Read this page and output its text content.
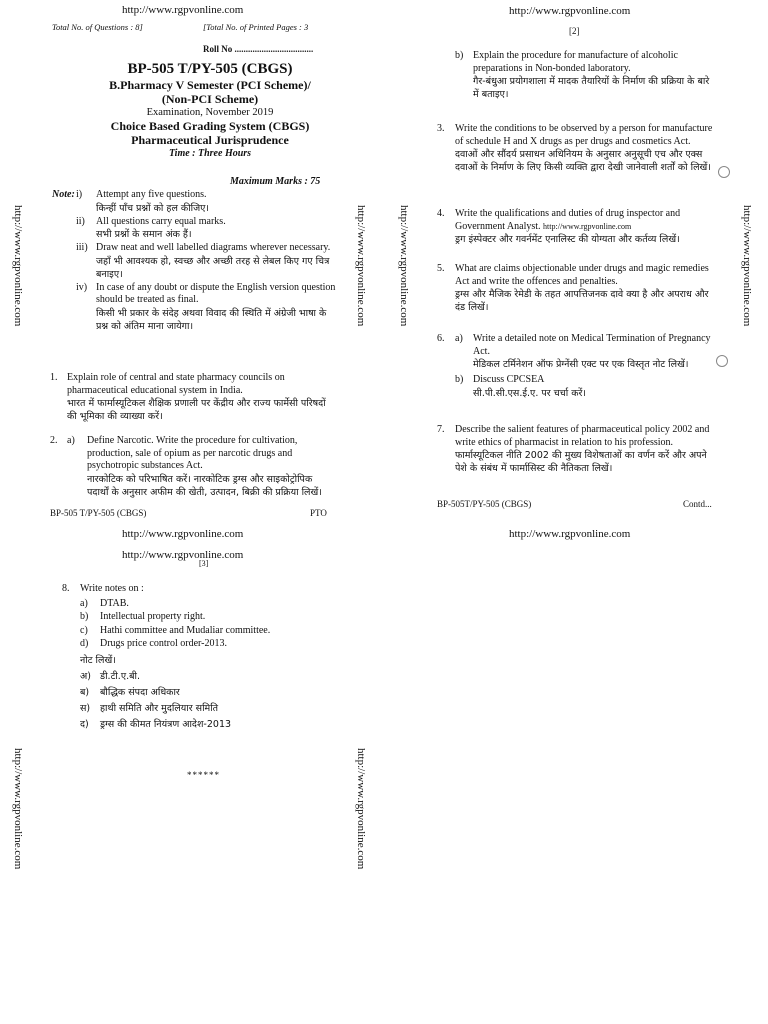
http://www.rgpvonline.com
Total No. of Questions : 8]	[Total No. of Printed Pages : 3
Roll No ...................................
BP-505 T/PY-505 (CBGS)
B.Pharmacy V Semester (PCI Scheme)/
(Non-PCI Scheme)
Examination, November 2019
Choice Based Grading System (CBGS)
Pharmaceutical Jurisprudence
Time : Three Hours
Maximum Marks : 75
Note: i)	Attempt any five questions.
किन्हीं पाँच प्रश्नों को हल कीजिए।
ii)	All questions carry equal marks.
सभी प्रश्नों के समान अंक हैं।
iii) Draw neat and well labelled diagrams wherever necessary.
जहाँ भी आवश्यक हो, स्वच्छ और अच्छी तरह से लेबल किए गए चित्र बनाइए।
iv) In case of any doubt or dispute the English version question should be treated as final.
किसी भी प्रकार के संदेह अथवा विवाद की स्थिति में अंग्रेजी भाषा के प्रश्न को अंतिम माना जायेगा।
1. Explain role of central and state pharmacy councils on pharmaceutical educational system in India.
भारत में फार्मास्यूटिकल शैक्षिक प्रणाली पर केंद्रीय और राज्य फार्मेसी परिषदों की भूमिका की व्याख्या करें।
2. a)	Define Narcotic. Write the procedure for cultivation, production, sale of opium as per narcotic drugs and psychotropic substances Act.
नारकोटिक को परिभाषित करें। नारकोटिक ड्रग्स और साइकोट्रोपिक पदार्थों के अनुसार अफीम की खेती, उत्पादन, बिक्री की प्रक्रिया लिखें।
BP-505 T/PY-505 (CBGS)	PTO
http://www.rgpvonline.com
[2]
b) Explain the procedure for manufacture of alcoholic preparations in Non-bonded laboratory.
गैर-बंधुआ प्रयोगशाला में मादक तैयारियों के निर्माण की प्रक्रिया के बारे में बताइए।
3.	Write the conditions to be observed by a person for manufacture of schedule H and X drugs as per drugs and cosmetics Act.
दवाओं और सौंदर्य प्रसाधन अधिनियम के अनुसार अनुसूची एच और एक्स दवाओं के निर्माण के लिए किसी व्यक्ति द्वारा देखी जानेवाली शर्तों को लिखें।
4.	Write the qualifications and duties of drug inspector and Government Analyst. http://www.rgpvonline.com
ड्रग इंस्पेक्टर और गवर्नमेंट एनालिस्ट की योग्यता और कर्तव्य लिखें।
5.	What are claims objectionable under drugs and magic remedies Act and write the offences and penalties.
ड्रग्स और मैजिक रेमेडी के तहत आपत्तिजनक दावे क्या है और अपराध और दंड लिखें।
6.	a)	Write a detailed note on Medical Termination of Pregnancy Act.
मेडिकल टर्मिनेशन ऑफ प्रेग्नेंसी एक्ट पर एक विस्तृत नोट लिखें।
b) Discuss CPCSEA
सी.पी.सी.एस.ई.ए. पर चर्चा करें।
7.	Describe the salient features of pharmaceutical policy 2002 and write ethics of pharmacist in relation to his profession.
फार्मास्यूटिकल नीति 2002 की मुख्य विशेषताओं का वर्णन करें और अपने पेशे के संबंध में फार्मासिस्ट की नैतिकता लिखें।
BP-505T/PY-505 (CBGS)	Contd...
http://www.rgpvonline.com
http://www.rgpvonline.com
http://www.rgpvonline.com
[3]
8.	Write notes on :
a)	DTAB.
b)	Intellectual property right.
c)	Hathi committee and Mudaliar committee.
d)	Drugs price control order-2013.
नोट लिखें।
अ) डी.टी.ए.बी.
ब)	बौद्धिक संपदा अधिकार
स)	हाथी समिति और मुदलियार समिति
द)	ड्रग्स की कीमत नियंत्रण आदेश-2013
******
http://www.rgpvonline.com	http://www.rgpvonline.com	http://www.rgpvonline.com	http://www.rgpvonline.com
http://www.rgpvonline.com	http://www.rgpvonline.com
